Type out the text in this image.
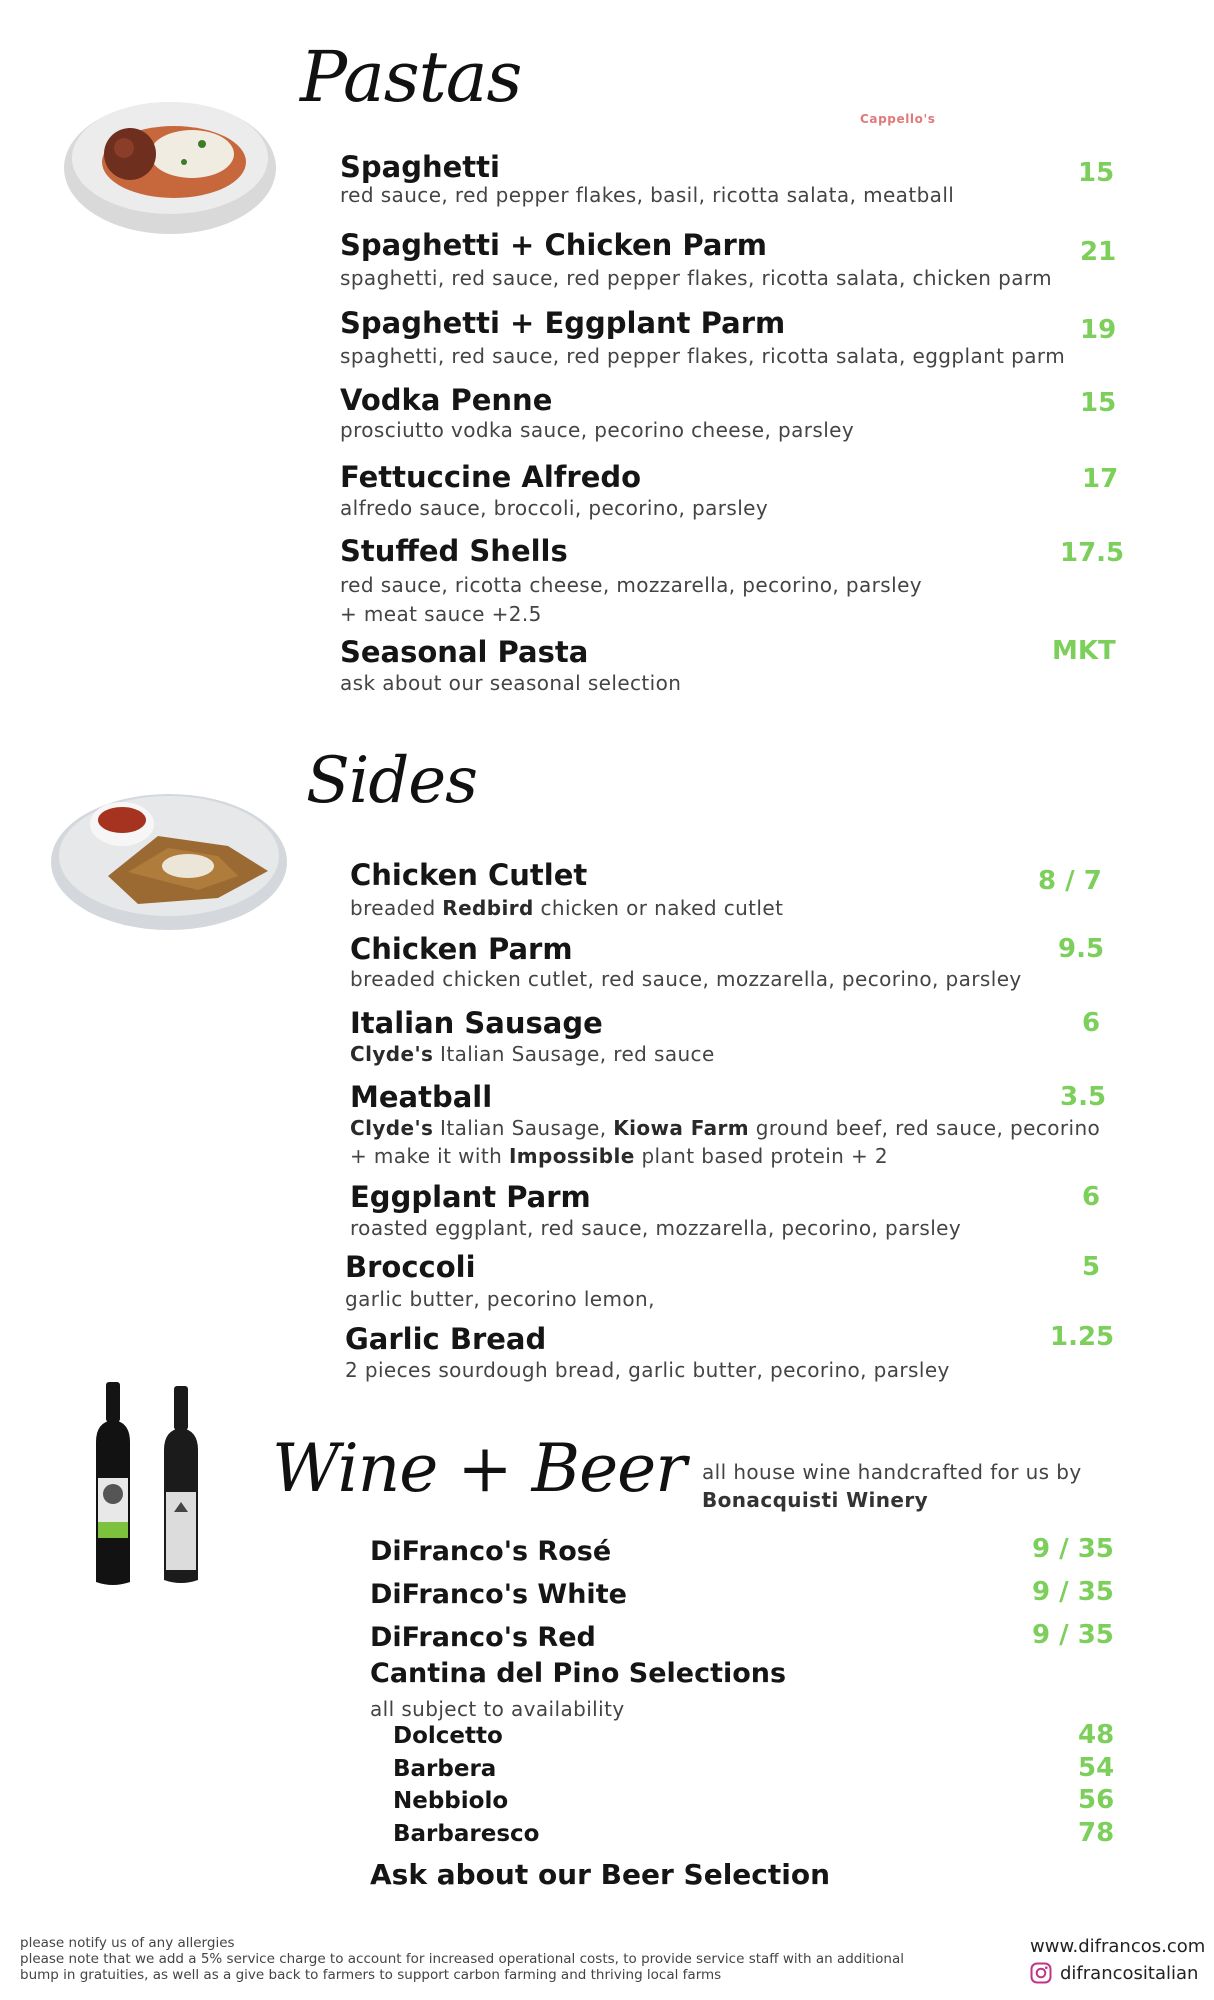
Pastas
Cappello's
Spaghetti
red sauce, red pepper flakes, basil, ricotta salata, meatball
15
Spaghetti + Chicken Parm
spaghetti, red sauce, red pepper flakes, ricotta salata, chicken parm
21
Spaghetti + Eggplant Parm
spaghetti, red sauce, red pepper flakes, ricotta salata, eggplant parm
19
Vodka Penne
prosciutto vodka sauce, pecorino cheese, parsley
15
Fettuccine Alfredo
alfredo sauce, broccoli, pecorino, parsley
17
Stuffed Shells
red sauce, ricotta cheese, mozzarella, pecorino, parsley
+ meat sauce +2.5
17.5
Seasonal Pasta
ask about our seasonal selection
MKT
Sides
Chicken Cutlet
breaded Redbird chicken or naked cutlet
8 / 7
Chicken Parm
breaded chicken cutlet, red sauce, mozzarella, pecorino, parsley
9.5
Italian Sausage
Clyde's Italian Sausage, red sauce
6
Meatball
Clyde's Italian Sausage, Kiowa Farm ground beef, red sauce, pecorino
+ make it with Impossible plant based protein + 2
3.5
Eggplant Parm
roasted eggplant, red sauce, mozzarella, pecorino, parsley
6
Broccoli
garlic butter, pecorino lemon,
5
Garlic Bread
2 pieces sourdough bread, garlic butter, pecorino, parsley
1.25
Wine + Beer all house wine handcrafted for us by
Bonacquisti Winery
DiFranco's Rosé	9 / 35
DiFranco's White	9 / 35
DiFranco's Red	9 / 35
Cantina del Pino Selections
all subject to availability
Dolcetto	48
Barbera	54
Nebbiolo	56
Barbaresco	78
Ask about our Beer Selection
please notify us of any allergies
please note that we add a 5% service charge to account for increased operational costs, to provide service staff with an additional
bump in gratuities, as well as a give back to farmers to support carbon farming and thriving local farms
www.difrancos.com
difrancositalian
